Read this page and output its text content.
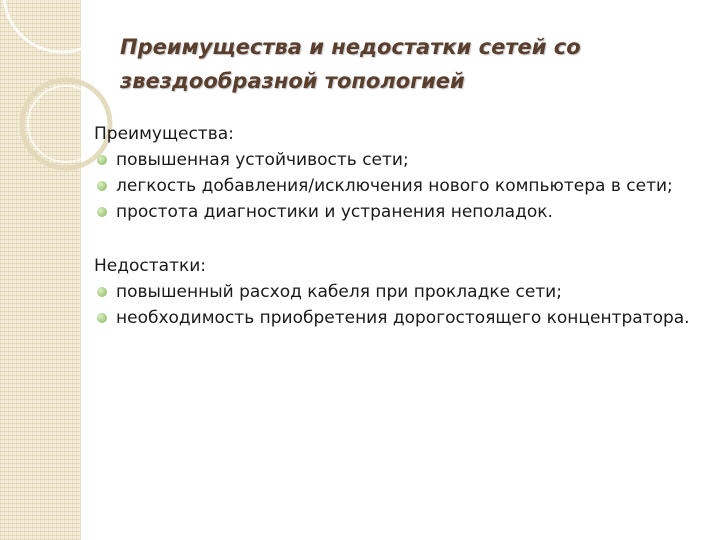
Преимущества и недостатки сетей со звездообразной топологией
Преимущества:
повышенная устойчивость сети;
легкость добавления/исключения нового компьютера в сети;
простота диагностики и устранения неполадок.
Недостатки:
повышенный расход кабеля при прокладке сети;
необходимость приобретения дорогостоящего концентратора.
